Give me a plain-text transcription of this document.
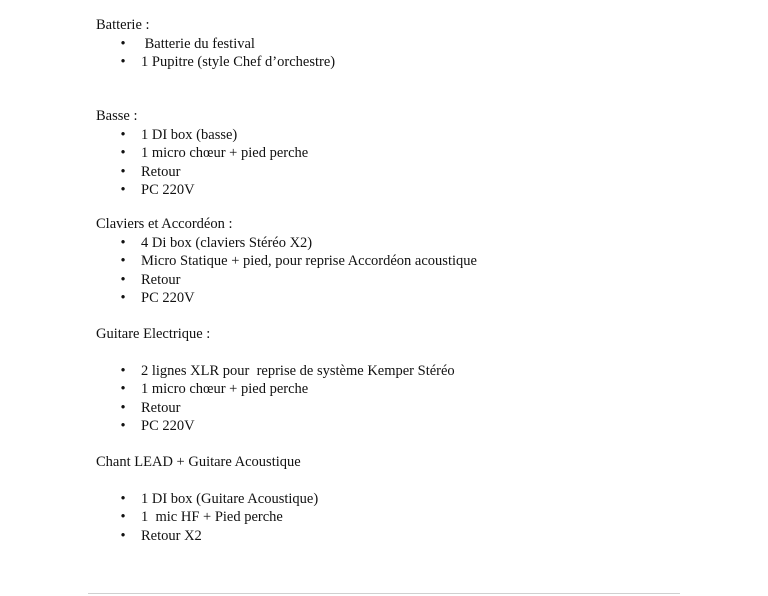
Batterie :

• Batterie du festival
• 1 Pupitre (style Chef d’orchestre)

Basse :

• 1 DI box (basse)
• 1 micro chœur + pied perche
• Retour
• PC 220V

Claviers et Accordéon :

• 4 Di box (claviers Stéréo X2)
• Micro Statique + pied, pour reprise Accordéon acoustique
• Retour
• PC 220V

Guitare Electrique :

• 2 lignes XLR pour  reprise de système Kemper Stéréo
• 1 micro chœur + pied perche
• Retour
• PC 220V

Chant LEAD + Guitare Acoustique

• 1 DI box (Guitare Acoustique)
• 1  mic HF + Pied perche
• Retour X2
